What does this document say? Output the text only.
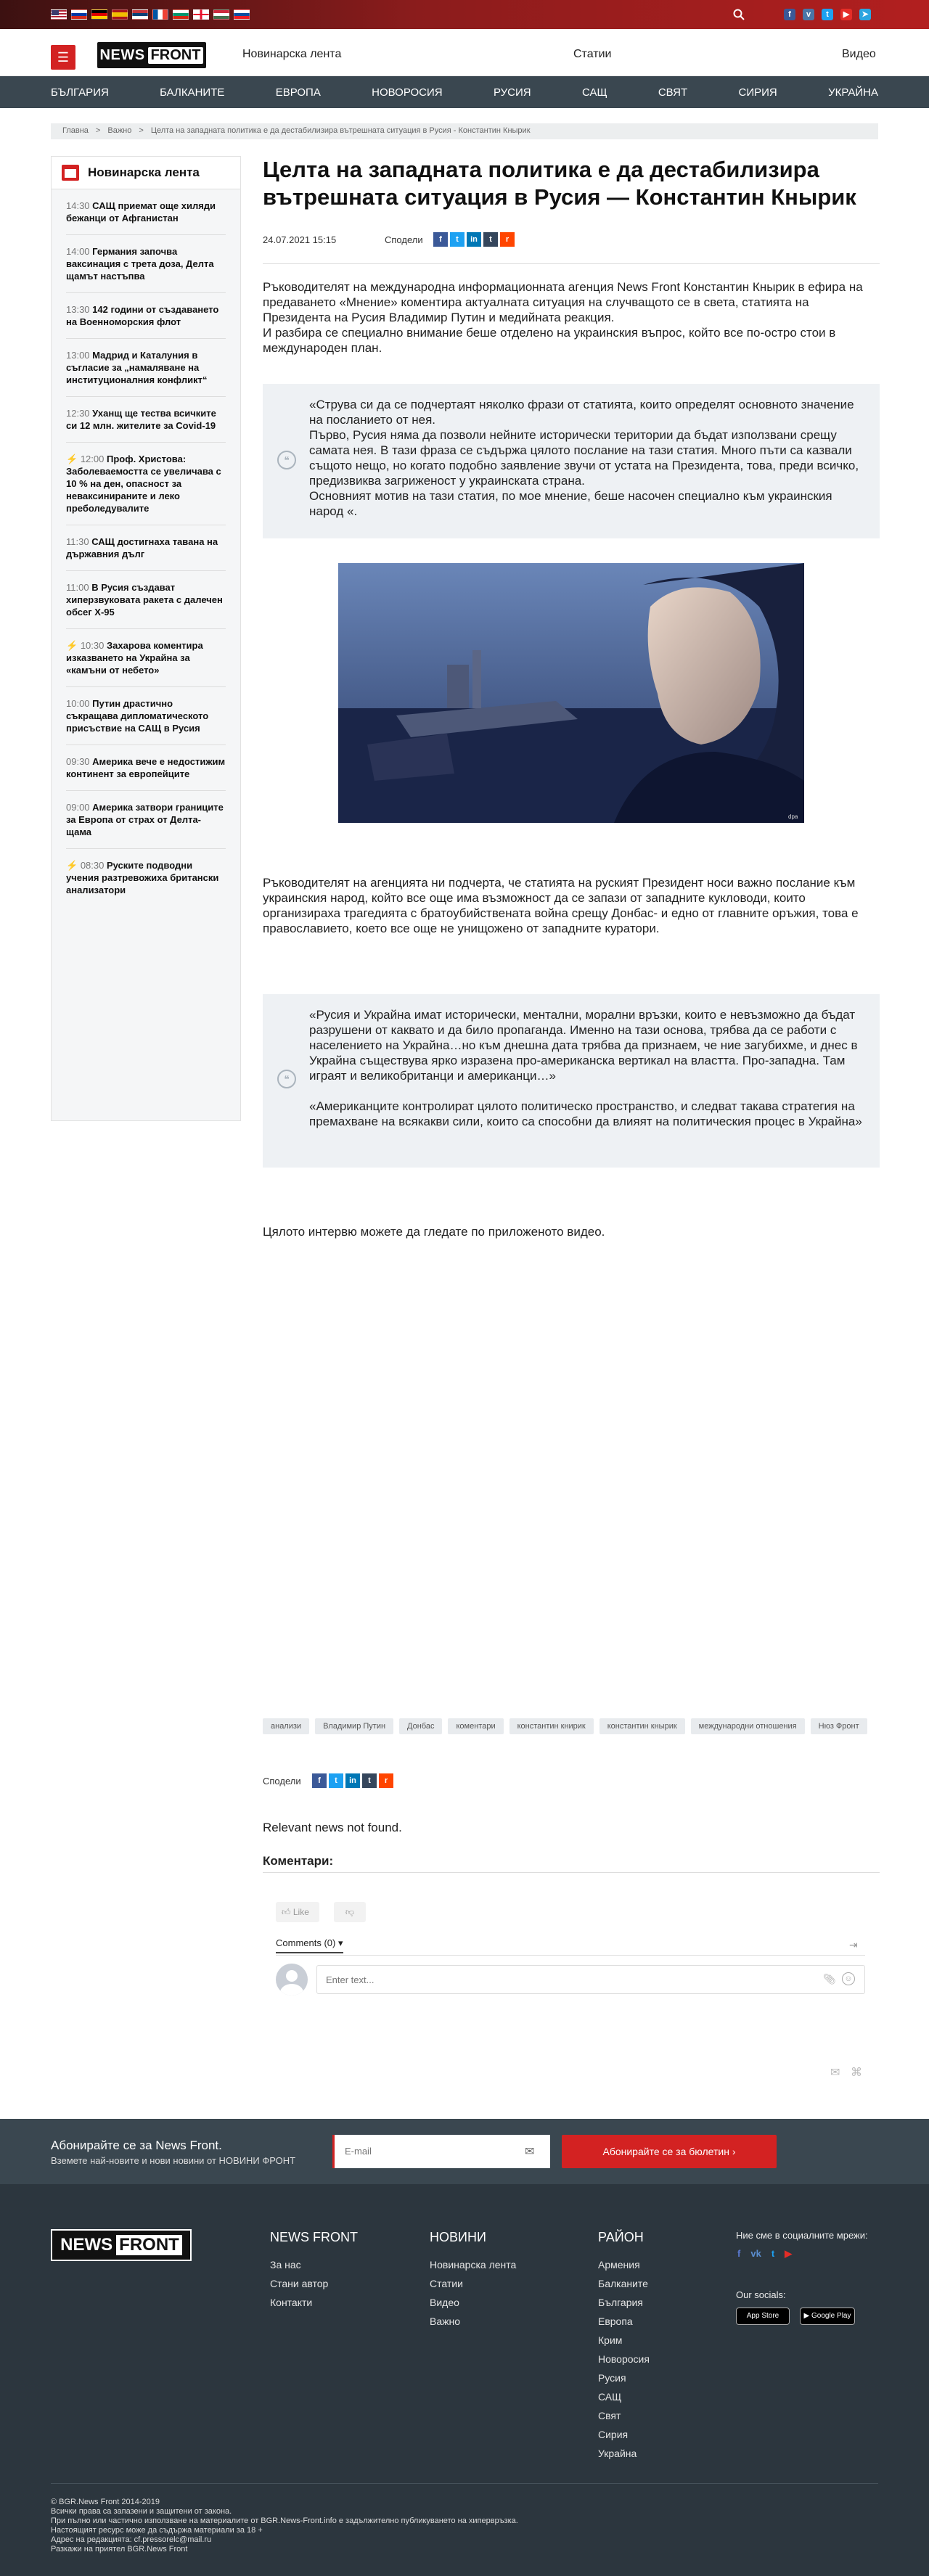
f	v	t	▶	➤
☰	NEWS FRONT	Новинарска лента	Статии	Видео
БЪЛГАРИЯ	БАЛКАНИТЕ	ЕВРОПА	НОВОРОСИЯ	РУСИЯ	САЩ	СВЯТ	СИРИЯ	УКРАЙНА
Главна > Важно > Целта на западната политика е да дестабилизира вътрешната ситуация в Русия - Константин Кнырик
Новинарска лента
14:30 САЩ приемат още хиляди бежанци от Афганистан
14:00 Германия започва ваксинация с трета доза, Делта щамът настъпва
13:30 142 години от създаването на Военноморския флот
13:00 Мадрид и Каталуния в съгласие за „намаляване на институционалния конфликт“
12:30 Уханщ ще тества всичките си 12 млн. жителите за Covid-19
⚡ 12:00 Проф. Христова: Заболеваемостта се увеличава с 10 % на ден, опасност за неваксинираните и леко преболедувалите
11:30 САЩ достигнаха тавана на държавния дълг
11:00 В Русия създават хиперзвуковата ракета с далечен обсег Х-95
⚡ 10:30 Захарова коментира изказването на Украйна за «камъни от небето»
10:00 Путин драстично съкращава дипломатическото присъствие на САЩ в Русия
09:30 Америка вече е недостижим континент за европейците
09:00 Америка затвори границите за Европа от страх от Делта-щама
⚡ 08:30 Руските подводни учения разтревожиха британски анализатори
Целта на западната политика е да дестабилизира вътрешната ситуация в Русия — Константин Кнырик
24.07.2021 15:15	Сподели	f	t	in	t	r

Ръководителят на международна информационната агенция News Front Константин Кнырик в ефира на предаването «Мнение» коментира актуалната ситуация на случващото се в света, статията на Президента на Русия Владимир Путин и медийната реакция.

И разбира се специално внимание беше отделено на украинския въпрос, който все по-остро стои в международен план.

❝

«Струва си да се подчертаят няколко фрази от статията, които определят основното значение на посланието от нея.

Първо, Русия няма да позволи нейните исторически територии да бъдат използвани срещу самата нея. В тази фраза се съдържа цялото послание на тази статия. Много пъти са казвали същото нещо, но когато подобно заявление звучи от устата на Президента, това, преди всичко, предизвиква загриженост у украинската страна.

Основният мотив на тази статия, по мое мнение, беше насочен специално към украинския народ «.

dpa

Ръководителят на агенцията ни подчерта, че статията на руският Президент носи важно послание към украинския народ, който все още има възможност да се запази от западните кукловоди, които организираха трагедията с братоубийствената война срещу Донбас- и едно от главните оръжия, това е православието, което все още не унищожено от западните куратори.

❝

«Русия и Украйна имат исторически, ментални, морални връзки, които е невъзможно да бъдат разрушени от каквато и да било пропаганда. Именно на тази основа, трябва да се работи с населението на Украйна…но към днешна дата трябва да признаем, че ние загубихме, и днес в Украйна съществува ярко изразена про-американска вертикал на властта. Про-западна. Там играят и великобританци и американци…»

«Американците контролират цялото политическо пространство, и следват такава стратегия на премахване на всякакви сили, които са способни да влияят на политическия процес в Украйна»

Цялото интервю можете да гледате по приложеното видео.

анализи	Владимир Путин	Донбас	коментари	константин книрик	константин кнырик	международни отношения	Нюз Фронт
Сподели	f	t	in	t	r
Relevant news not found.
Коментари:
👍︎ Like	👎︎
Comments (0) ▾	⇥
Enter text...
📎︎	☺
✉ ⌘
Абонирайте се за News Front.
Вземете най-новите и нови новини от НОВИНИ ФРОНТ
E-mail
✉	Абонирайте се за бюлетин ›
NEWS FRONT	NEWS FRONT
За нас
Стани автор
Контакти
НОВИНИ
Новинарска лента
Статии
Видео
Важно
РАЙОН
Армения
Балканите
България
Европа
Крим
Новоросия
Русия
САЩ
Свят
Сирия
Украйна
Ние сме в социалните мрежи:
f vk t ▶
Our socials:
App Store	▶ Google Play
© BGR.News Front 2014-2019
Всички права са запазени и защитени от закона.
При пълно или частично използване на материалите от BGR.News-Front.info е задължително публикуването на хипервръзка.
Настоящият ресурс може да съдържа материали за 18 +
Адрес на редакцията: cf.pressorelc@mail.ru
Разкажи на приятел BGR.News Front
